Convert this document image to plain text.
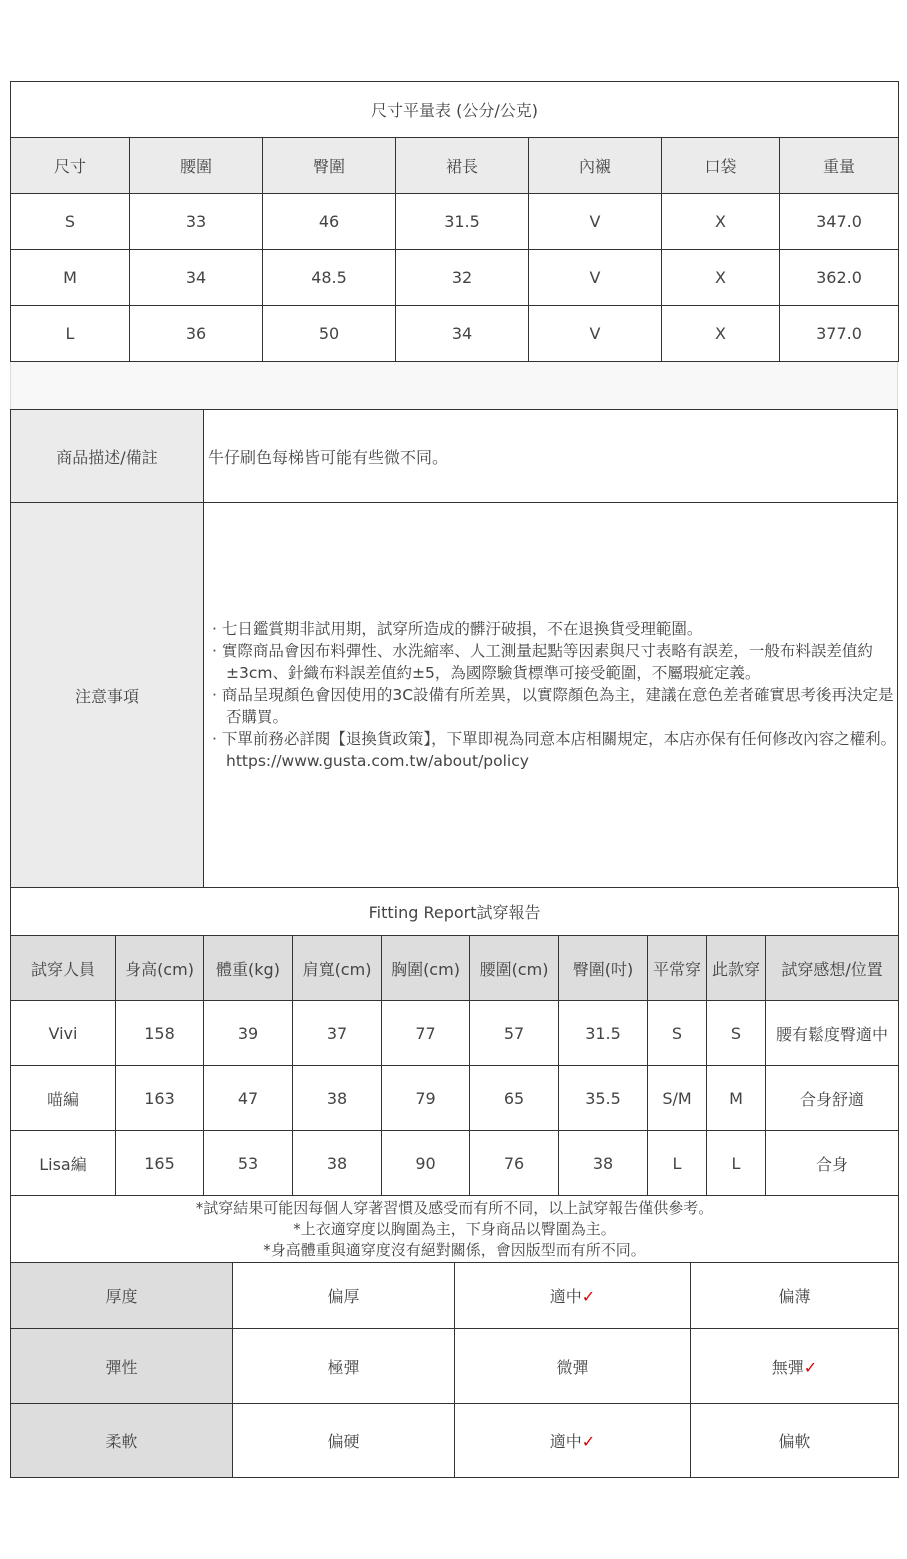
尺寸平量表 (公分/公克)						
尺寸	腰圍	臀圍	裙長	內襯	口袋	重量
S	33	46	31.5	V	X	347.0
M	34	48.5	32	V	X	362.0
L	36	50	34	V	X	377.0
商品描述/備註	牛仔刷色每梯皆可能有些微不同。
注意事項	· 七日鑑賞期非試用期，試穿所造成的髒汙破損，不在退換貨受理範圍。
· 實際商品會因布料彈性、水洗縮率、人工測量起點等因素與尺寸表略有誤差，一般布料誤差值約±3cm、針織布料誤差值約±5，為國際驗貨標準可接受範圍，不屬瑕疵定義。
· 商品呈現顏色會因使用的3C設備有所差異，以實際顏色為主，建議在意色差者確實思考後再決定是否購買。
· 下單前務必詳閱【退換貨政策】，下單即視為同意本店相關規定，本店亦保有任何修改內容之權利。https://www.gusta.com.tw/about/policy
Fitting Report試穿報告									
試穿人員	身高(cm)	體重(kg)	肩寬(cm)	胸圍(cm)	腰圍(cm)	臀圍(吋)	平常穿	此款穿	試穿感想/位置
Vivi	158	39	37	77	57	31.5	S	S	腰有鬆度臀適中
喵編	163	47	38	79	65	35.5	S/M	M	合身舒適
Lisa編	165	53	38	90	76	38	L	L	合身

*試穿結果可能因每個人穿著習慣及感受而有所不同，以上試穿報告僅供參考。
*上衣適穿度以胸圍為主，下身商品以臀圍為主。
*身高體重與適穿度沒有絕對關係，會因版型而有所不同。									
厚度	偏厚	適中✓	偏薄
彈性	極彈	微彈	無彈✓
柔軟	偏硬	適中✓	偏軟
